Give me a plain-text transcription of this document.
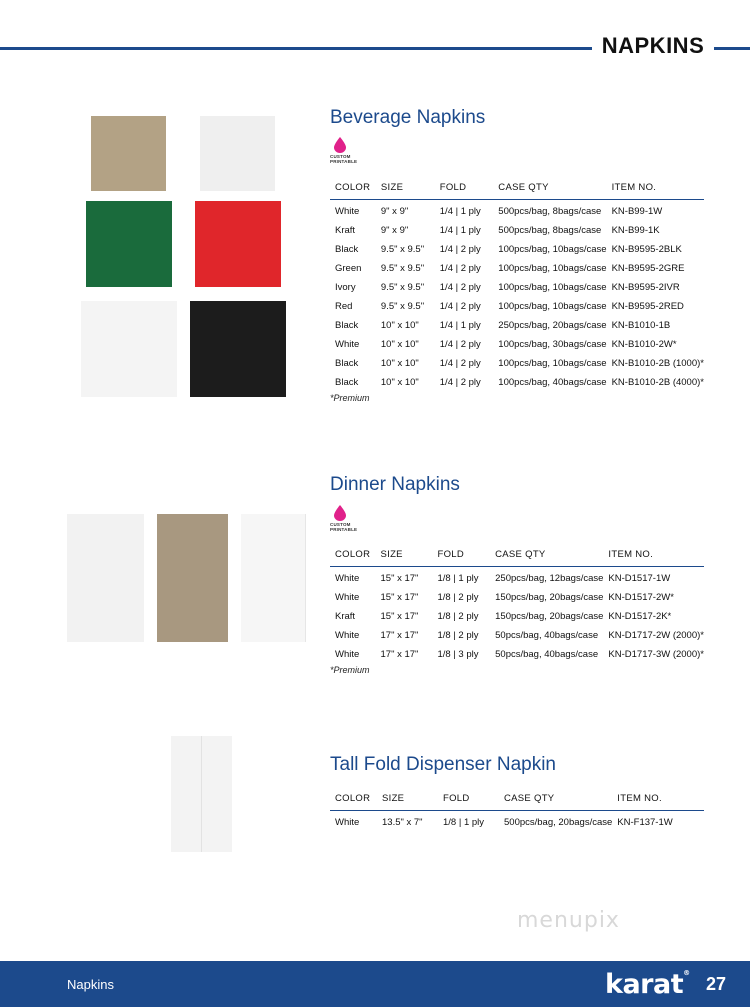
NAPKINS
Beverage Napkins
CUSTOM
PRINTABLE
COLOR	SIZE	FOLD	CASE QTY	ITEM NO.
White	9" x 9"	1/4 | 1 ply	500pcs/bag, 8bags/case	KN-B99-1W
Kraft	9" x 9"	1/4 | 1 ply	500pcs/bag, 8bags/case	KN-B99-1K
Black	9.5" x 9.5"	1/4 | 2 ply	100pcs/bag, 10bags/case	KN-B9595-2BLK
Green	9.5" x 9.5"	1/4 | 2 ply	100pcs/bag, 10bags/case	KN-B9595-2GRE
Ivory	9.5" x 9.5"	1/4 | 2 ply	100pcs/bag, 10bags/case	KN-B9595-2IVR
Red	9.5" x 9.5"	1/4 | 2 ply	100pcs/bag, 10bags/case	KN-B9595-2RED
Black	10" x 10"	1/4 | 1 ply	250pcs/bag, 20bags/case	KN-B1010-1B
White	10" x 10"	1/4 | 2 ply	100pcs/bag, 30bags/case	KN-B1010-2W*
Black	10" x 10"	1/4 | 2 ply	100pcs/bag, 10bags/case	KN-B1010-2B (1000)*
Black	10" x 10"	1/4 | 2 ply	100pcs/bag, 40bags/case	KN-B1010-2B (4000)*
*Premium
Dinner Napkins
CUSTOM
PRINTABLE
COLOR	SIZE	FOLD	CASE QTY	ITEM NO.
White	15" x 17"	1/8 | 1 ply	250pcs/bag, 12bags/case	KN-D1517-1W
White	15" x 17"	1/8 | 2 ply	150pcs/bag, 20bags/case	KN-D1517-2W*
Kraft	15" x 17"	1/8 | 2 ply	150pcs/bag, 20bags/case	KN-D1517-2K*
White	17" x 17"	1/8 | 2 ply	50pcs/bag, 40bags/case	KN-D1717-2W (2000)*
White	17" x 17"	1/8 | 3 ply	50pcs/bag, 40bags/case	KN-D1717-3W (2000)*
*Premium
Tall Fold Dispenser Napkin
COLOR	SIZE	FOLD	CASE QTY	ITEM NO.
White	13.5" x 7"	1/8 | 1 ply	500pcs/bag, 20bags/case	KN-F137-1W
menupix
Napkins	karat®
27
